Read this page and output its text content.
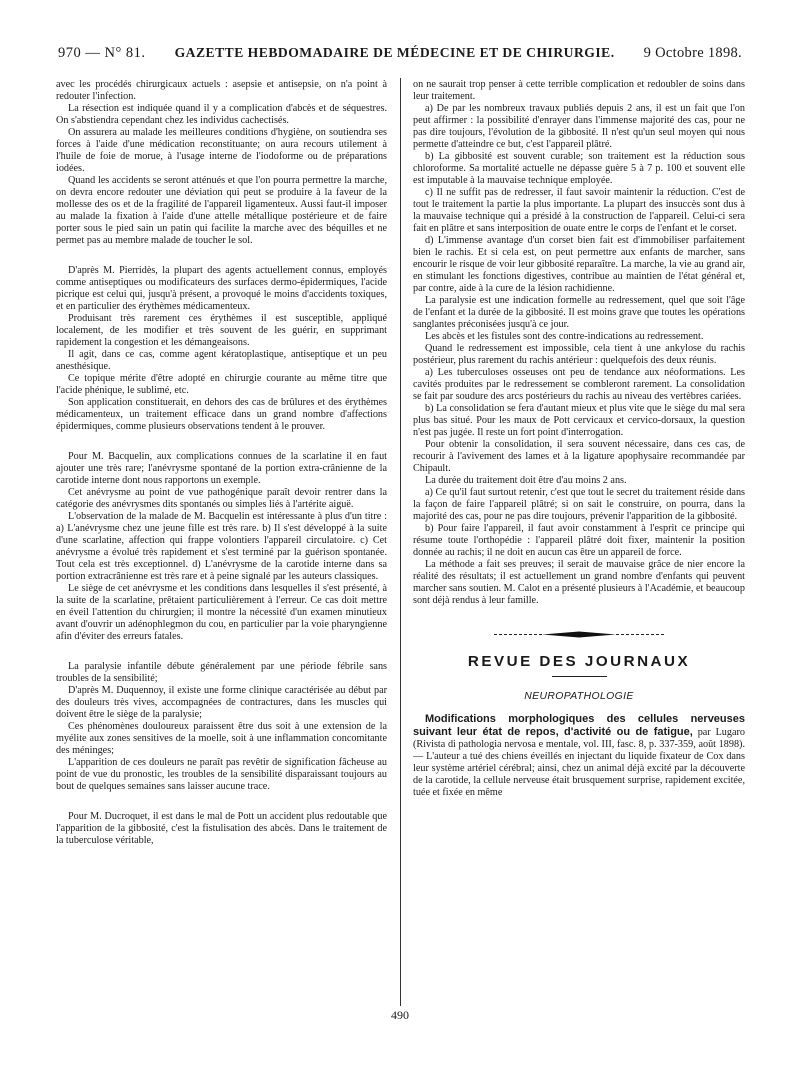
970 — N° 81. GAZETTE HEBDOMADAIRE DE MÉDECINE ET DE CHIRURGIE. 9 Octobre 1898.

avec les procédés chirurgicaux actuels : asepsie et antisepsie, on n'a point à redouter l'infection.

La résection est indiquée quand il y a complication d'abcès et de séquestres. On s'abstiendra cependant chez les individus cachectisés.

On assurera au malade les meilleures conditions d'hygiène, on soutiendra ses forces à l'aide d'une médication reconstituante; on aura recours utilement à l'huile de foie de morue, à l'usage interne de l'iodoforme ou de préparations iodées.

Quand les accidents se seront atténués et que l'on pourra permettre la marche, on devra encore redouter une déviation qui peut se produire à la faveur de la mollesse des os et de la fragilité de l'appareil ligamenteux. Aussi faut-il imposer au malade la fixation à l'aide d'une attelle métallique postérieure et de faire porter sous le pied sain un patin qui facilite la marche avec des béquilles et ne permet pas au membre malade de toucher le sol.

D'après M. Pierridès, la plupart des agents actuellement connus, employés comme antiseptiques ou modificateurs des surfaces dermo-épidermiques, l'acide picrique est celui qui, jusqu'à présent, a provoqué le moins d'accidents toxiques, et en particulier des érythèmes médicamenteux.

Produisant très rarement ces érythèmes il est susceptible, appliqué localement, de les modifier et très souvent de les guérir, en supprimant rapidement la congestion et les démangeaisons.

Il agit, dans ce cas, comme agent kératoplastique, antiseptique et un peu anesthésique.

Ce topique mérite d'être adopté en chirurgie courante au même titre que l'acide phénique, le sublimé, etc.

Son application constituerait, en dehors des cas de brûlures et des érythèmes médicamenteux, un traitement efficace dans un grand nombre d'affections épidermiques, comme plusieurs observations tendent à le prouver.

Pour M. Bacquelin, aux complications connues de la scarlatine il en faut ajouter une très rare; l'anévrysme spontané de la portion extra-crânienne de la carotide interne dont nous rapportons un exemple.

Cet anévrysme au point de vue pathogénique paraît devoir rentrer dans la catégorie des anévrysmes dits spontanés ou simples liés à l'artérite aiguë.

L'observation de la malade de M. Bacquelin est intéressante à plus d'un titre : a) L'anévrysme chez une jeune fille est très rare. b) Il s'est développé à la suite d'une scarlatine, affection qui frappe volontiers l'appareil circulatoire. c) Cet anévrysme a évolué très rapidement et s'est terminé par la guérison spontanée. Tout cela est très exceptionnel. d) L'anévrysme de la carotide interne dans sa portion extracrânienne est très rare et à peine signalé par les auteurs classiques.

Le siège de cet anévrysme et les conditions dans lesquelles il s'est présenté, à la suite de la scarlatine, prêtaient particulièrement à l'erreur. Ce cas doit mettre en éveil l'attention du chirurgien; il montre la nécessité d'un examen minutieux avant d'ouvrir un adénophlegmon du cou, en particulier par la voie pharyngienne afin d'éviter des erreurs fatales.

La paralysie infantile débute généralement par une période fébrile sans troubles de la sensibilité;

D'après M. Duquennoy, il existe une forme clinique caractérisée au début par des douleurs très vives, accompagnées de contractures, dans les muscles qui doivent être le siège de la paralysie;

Ces phénomènes douloureux paraissent être dus soit à une extension de la myélite aux zones sensitives de la moelle, soit à une inflammation concomitante des méninges;

L'apparition de ces douleurs ne paraît pas revêtir de signification fâcheuse au point de vue du pronostic, les troubles de la sensibilité disparaissant toujours au bout de quelques semaines sans laisser aucune trace.

Pour M. Ducroquet, il est dans le mal de Pott un accident plus redoutable que l'apparition de la gibbosité, c'est la fistulisation des abcès. Dans le traitement de la tuberculose véritable,

on ne saurait trop penser à cette terrible complication et redoubler de soins dans leur traitement.

a) De par les nombreux travaux publiés depuis 2 ans, il est un fait que l'on peut affirmer : la possibilité d'enrayer dans l'immense majorité des cas, pour ne pas dire toujours, l'évolution de la gibbosité. Il n'est qu'un seul moyen qui nous permette d'atteindre ce but, c'est l'appareil plâtré.

b) La gibbosité est souvent curable; son traitement est la réduction sous chloroforme. Sa mortalité actuelle ne dépasse guère 5 à 7 p. 100 et souvent elle est imputable à la mauvaise technique employée.

c) Il ne suffit pas de redresser, il faut savoir maintenir la réduction. C'est de tout le traitement la partie la plus importante. La plupart des insuccès sont dus à la mauvaise technique qui a présidé à la construction de l'appareil. Celui-ci sera fait en plâtre et sans interposition de ouate entre le corps de l'enfant et le corset.

d) L'immense avantage d'un corset bien fait est d'immobiliser parfaitement bien le rachis. Et si cela est, on peut permettre aux enfants de marcher, sans encourir le risque de voir leur gibbosité reparaître. La marche, la vie au grand air, en stimulant les fonctions digestives, contribue au maintien de l'état général et, par contre, aide à la cure de la lésion rachidienne.

La paralysie est une indication formelle au redressement, quel que soit l'âge de l'enfant et la durée de la gibbosité. Il est moins grave que toutes les opérations sanglantes préconisées jusqu'à ce jour.

Les abcès et les fistules sont des contre-indications au redressement.

Quand le redressement est impossible, cela tient à une ankylose du rachis postérieur, plus rarement du rachis antérieur : quelquefois des deux réunis.

a) Les tuberculoses osseuses ont peu de tendance aux néoformations. Les cavités produites par le redressement se combleront rarement. La consolidation se fait par soudure des arcs postérieurs du rachis au niveau des vertèbres cariées.

b) La consolidation se fera d'autant mieux et plus vite que le siège du mal sera plus bas situé. Pour les maux de Pott cervicaux et cervico-dorsaux, la question n'est pas jugée. Il reste un fort point d'interrogation.

Pour obtenir la consolidation, il sera souvent nécessaire, dans ces cas, de recourir à l'avivement des lames et à la ligature apophysaire recommandée par Chipault.

La durée du traitement doit être d'au moins 2 ans.

a) Ce qu'il faut surtout retenir, c'est que tout le secret du traitement réside dans la façon de faire l'appareil plâtré; si on sait le construire, on pourra, dans la majorité des cas, pour ne pas dire toujours, prévenir l'apparition de la gibbosité.

b) Pour faire l'appareil, il faut avoir constamment à l'esprit ce principe qui résume toute l'orthopédie : l'appareil plâtré doit fixer, maintenir la position donnée au rachis; il ne doit en aucun cas être un appareil de force.

La méthode a fait ses preuves; il serait de mauvaise grâce de nier encore la réalité des résultats; il est actuellement un grand nombre d'enfants qui peuvent marcher sans soutien. M. Calot en a présenté plusieurs à l'Académie, et beaucoup sont déjà rendus à leur famille.

REVUE DES JOURNAUX
NEUROPATHOLOGIE

Modifications morphologiques des cellules nerveuses suivant leur état de repos, d'activité ou de fatigue, par Lugaro (Rivista di pathologia nervosa e mentale, vol. III, fasc. 8, p. 337-359, août 1898). — L'auteur a tué des chiens éveillés en injectant du liquide fixateur de Cox dans leur système artériel cérébral; ainsi, chez un animal déjà excité par la découverte de la carotide, la cellule nerveuse était brusquement surprise, rapidement excitée, tuée et fixée en même

490
